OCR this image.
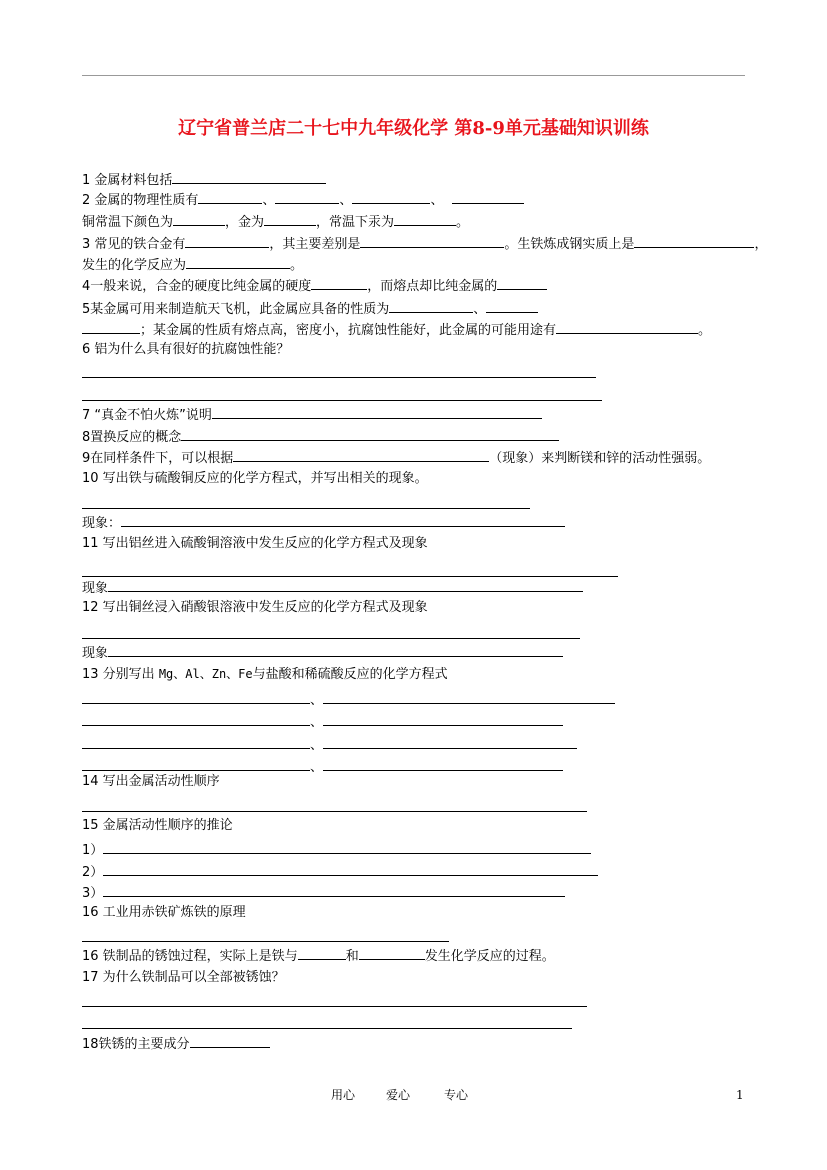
辽宁省普兰店二十七中九年级化学 第8-9单元基础知识训练
1 金属材料包括
2 金属的物理性质有	、	、	、
铜常温下颜色为	，金为	，常温下汞为	。
3 常见的铁合金有	，其主要差别是	。生铁炼成钢实质上是	，
发生的化学反应为	。
4一般来说，合金的硬度比纯金属的硬度	，而熔点却比纯金属的
5某金属可用来制造航天飞机，此金属应具备的性质为	、
；某金属的性质有熔点高，密度小，抗腐蚀性能好，此金属的可能用途有	。
6 铝为什么具有很好的抗腐蚀性能？
7 “真金不怕火炼”说明
8置换反应的概念
9在同样条件下，可以根据	（现象）来判断镁和锌的活动性强弱。
10 写出铁与硫酸铜反应的化学方程式，并写出相关的现象。
现象：
11 写出铝丝进入硫酸铜溶液中发生反应的化学方程式及现象
现象
12 写出铜丝浸入硝酸银溶液中发生反应的化学方程式及现象
现象
13 分别写出 Mg、Al、Zn、Fe与盐酸和稀硫酸反应的化学方程式
、
、
、
、
14 写出金属活动性顺序
15 金属活动性顺序的推论
1）
2）
3）
16 工业用赤铁矿炼铁的原理
16 铁制品的锈蚀过程，实际上是铁与	和	发生化学反应的过程。
17 为什么铁制品可以全部被锈蚀？
18铁锈的主要成分
用心	爱心	专心	1
